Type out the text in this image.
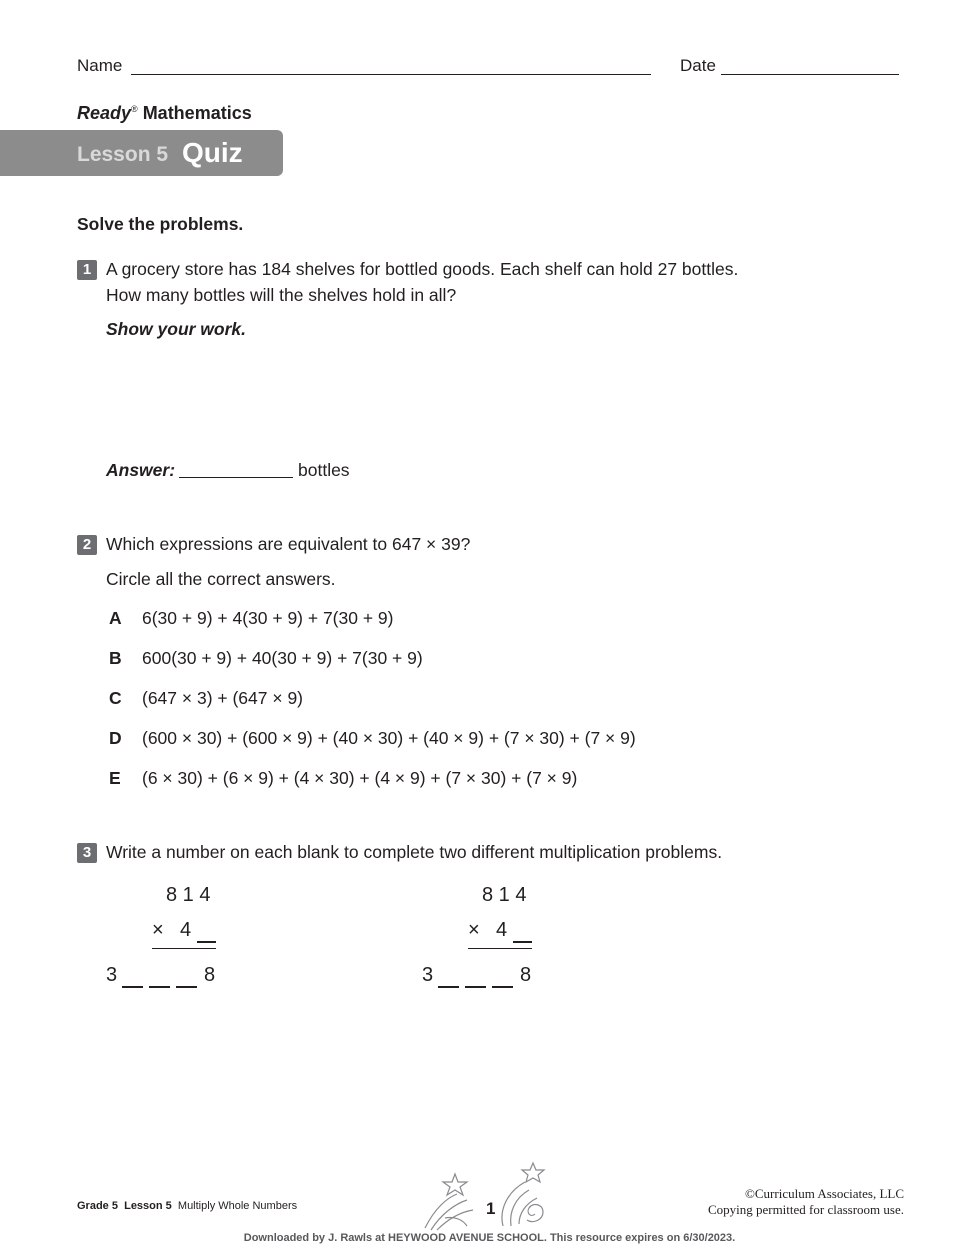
Name	Date
Ready® Mathematics
Lesson 5 Quiz
Solve the problems.
1 A grocery store has 184 shelves for bottled goods. Each shelf can hold 27 bottles.
How many bottles will the shelves hold in all?
Show your work.
Answer:	bottles
2 Which expressions are equivalent to 647 × 39?
Circle all the correct answers.
A 6(30 + 9) + 4(30 + 9) + 7(30 + 9)
B 600(30 + 9) + 40(30 + 9) + 7(30 + 9)
C (647 × 3) + (647 × 9)
D (600 × 30) + (600 × 9) + (40 × 30) + (40 × 9) + (7 × 30) + (7 × 9)
E (6 × 30) + (6 × 9) + (4 × 30) + (4 × 9) + (7 × 30) + (7 × 9)
3 Write a number on each blank to complete two different multiplication problems.
8 1 4
× 4
3	8
8 1 4
× 4
3	8
Grade 5 Lesson 5 Multiply Whole Numbers	1
©Curriculum Associates, LLC
Copying permitted for classroom use.
Downloaded by J. Rawls at HEYWOOD AVENUE SCHOOL. This resource expires on 6/30/2023.
